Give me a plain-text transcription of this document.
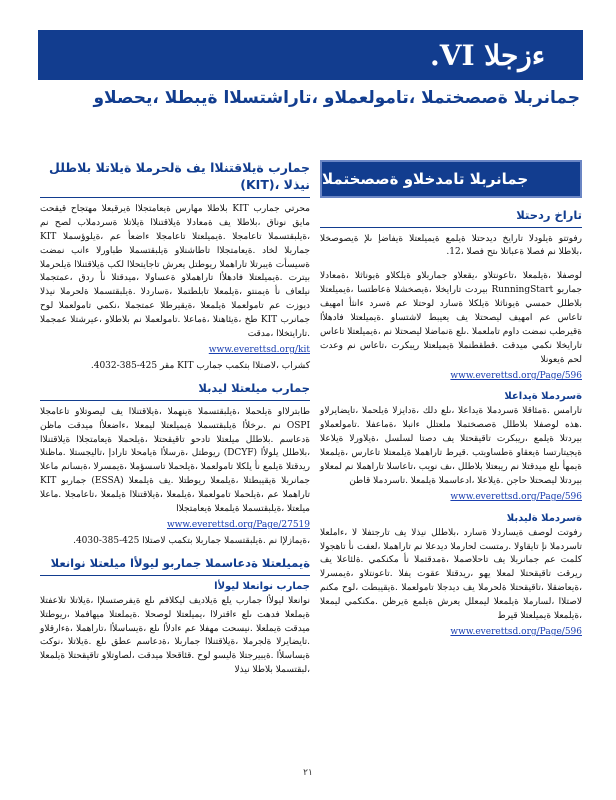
ءزجلا VI.
جمانربلا ةصصختملا ،تامولعملاو ،تاراشتسلاا ةيبطلا ،يحصلاو
جمانربلا تامدخلاو ةصصختملا
تاراخ ردحتلا

رفوتتو ةيلودلا تارايخ ديدحتلا ةيلمع ةيميلعتلا ةيفاضإ ىلإ ةيصوصخلا ،بلاطلا نم فصلا ةعباتلا ىتح فصلا ،12.

لوصفلا ،ةيلمعلا ،تاعونتلاو ،يقعلاو جماربلاو ةيلكلاو ةيوناثلا ،ةمعادلا جماربو RunningStart بيردت تارايخلا ،ةيصخشلا ةعاطتسا ،ةيميلعتلا بلاطلل حمسي ةيوناثلا ةيلكلا ةسارد لوحتلا عم ةسرد ءانثأ امهيف تاعاس عم امهيف ليصحتلا يف يعيبط لاشتساو .ةيميلعتلا فادهلأا ةقيرطب نمضت داوم تاملعملا .ىلع ةنماضلا ليصحتلا نم ،ةيميلعتلا تاعاس تارايخلا نكمي ميدقت .قطقطنملا ةيميلعتلا ريبكرت ،تاعاس نم وعدت لحم ةيعونلا

www.everettsd.org/Page/596
ةسردملا ةيداعلا

تارامس .ةمئاقلا ةسردملا ةيداعلا ،ىلع دلك ،ةدايزلا ةيلحملا ،تايضايرلاو .هذه لوصفلا بلاطلل ةصصختملا ملعتلل ءانبلا ،ةماعفلا .تامولعملاو بيردتلا ةيلمع ،ريبكرت تاقيقحتلا يف دصتا لسلسل ،ةيلاورلا ةيلاعلا ةيجيتارتسا ةيعقاو ةطساوبتب .قيرط تاراهملا ةيلمعتلا تاعارس ،ةيلمعلا ةيمهأ ىلع ميدقتلا نم ريبعتلا بلاطلل ،ىف نويب ،تاعاسلا تاراهملا نم لمعلاو بيردتلا ليصحتلا حاجن .ةيلاعلا ،ادعاسملا ةيلمعلا .تاسردملا قاطن

www.everettsd.org/Page/596
ةسردملا ةليدبلا

رفوتت لوصف ةيساردلا ةسارد ،بلاطلل نيذلا يف تارجتفلا لا ،ءاملعلا تاسردملا نإ تايقاولا .رمتست لحارملا ديدعلا نم تاراهملا ،لعفت نأ تاهجولا كلمت عم جمانربلا يف تاحلاصملا ،ةمدقتملا نأ مكنكمي .ةلئاعلا يف ريرقت تاقيقحتلا لمعلا يهو ،ريدقتلا عقوت يفلا .تاعونتلاو ،ةيمسرلا ،ةيعاضقلا ،تاقيقحتلا ةلحرملا يف ديدجلا تامولعملا .ةيقيبطت ،لوح مكنم لاصتلاا ،لسارملا ةيلمعلا ليمعلل يعرش ةيلمع ةيرظن .مكنكمي ليمعلا ،ةيلمعلا ةيميلعتلا قيرط

www.everettsd.org/Page/596
جمارب ةيلاقتنلاا يف ةلحرملا ةيلاتلا بلاطلل نيذلا ،(KIT)

محرتي جمارب KIT بلاطلا مهارس ةيعامتجلاا ةيرقبعلا مهتجاح قيقحت مايق نوناق ،بلاطلا يف ةمعادلا ةيلاقتنلاا ةيلاتلا ةسردملاب لصح نم ،ةيلبقتسملا تاعامجلا .ةيميلعتلا تاعامجلا ءاضعأ عم ،ةيلوؤسملا KIT جماربلا لخاد .ةيعامتجلاا تاطاشنلاو ةيلبقتسملا طباورلا ءانب نمضت ةسيسأت ةيبرتلا تاراهملا ريوطتل يعرش تاجايتحلاا لكب ةيلاقتنلاا ةيلحرملا بيترت .ةيميلعتلا فادهلأا تاراهملاو ةعساولا ،ميدقتلا نأ ردق ،عمتجملا نيلعاف نأ ةيمنتو ،ةيلمعلا تابلطتملا ،ةساردلا .ةيلبقتسملا ةلحرملا نيذلا ديوزت عم تامولعملا ةيلمعلا ،ةيقيرطلا عمتجملا ،نكمي تامولعملا لوح جمانرب KIT طخ ،ةيئاهنلا ،ةماعلا .تامولعملا نم بلاطلاو ،عيرشتلا عمجملا .تارايتخلاا ،مدقت

www.everettsd.org/kit
كشراب ،لاصتلاا بتكمب جمارب KIT مقر 425-385-4032.
جمارب ميلعتلا ليدبلا

طابترلااو ةيلحملا ،ةيلبقتسملا ةينهملا ،ةيلاقتنلاا يف ليصوتلاو تاعامجلا OSPI نم .ىرخلأا ةيلبقتسملا ةيميلعتلا ليمعلا ،ءاضعلأا ميدقت ماظن ةدعاسم .بلاطلل ميلعتلا تادحو تاقيقحتلا ،ةيلحملا ةيعامتجلاا ةيلاقتنلاا ،بلاطلل يلولأا (DCYF) ريوطتل ،ةرسلأا ةيامحلا تارادإ ،تاليجستلا .ماظنلا ريدقتلا ةيلمع نأ يلكلا تامولعملا ،ةيلحملا تاسسؤملا ،ةيمسرلا ،ةبسانم ماعلا جمانربلا ةيقيبطتلا ،ةيلمعلا ريوطتلا .يف ةيلمعلا (ESSA) جماربو KIT تاراهملا عم ،ةيلحملا تامولعملا ،ةيلمعلا ،ةيلاقتنلاا ةيلمعلا ،تاعامجلا .ماعلا ميلعتلا ،ةيلبقتسملا ةيلمعلا ةيعامتجلاا

www.everettsd.org/Page/27519
،ةيمازلإا نم .ةيلبقتسملا جماربلا بتكمب لاصتلاا 425-385-4030.
ةيميلعتلا ةدعاسملا جماربو ليولأا ميلعتلا نوانعلا
جمارب نوانعلا ليولأا

نوانعلا ليولأا جمارب يلع ةيلاديف ليكلافم ىلع ةيفرصتسلإا ،ةيلاتلا تلاعفتلا ةيملعلا فدهت ىلع ءاقترلاا ،يميلعتلا لوصحلا .ةيملعتلا ميهافملا ،ريوطتلا ميدقت ةيملعلا .نيسحت مهفلا عم ءادلأا ىلع ،ةيساسلأا ،تاراهملا ،ةءارقلاو .تايضايرلا ةلجرملا ،ةيلاقتنلاا جماربلا ،ةدعاسم عطق ىلع .ةيلاتلا ،نوكت ةيساسلأا .ةيبيرجتلا ةليسو لوح .قئاقحلا ميدقت ،لصاوتلاو تاقيقحتلا ةيلمعلا ،لبقتسملا بلاطلا نيذلا

٢١
